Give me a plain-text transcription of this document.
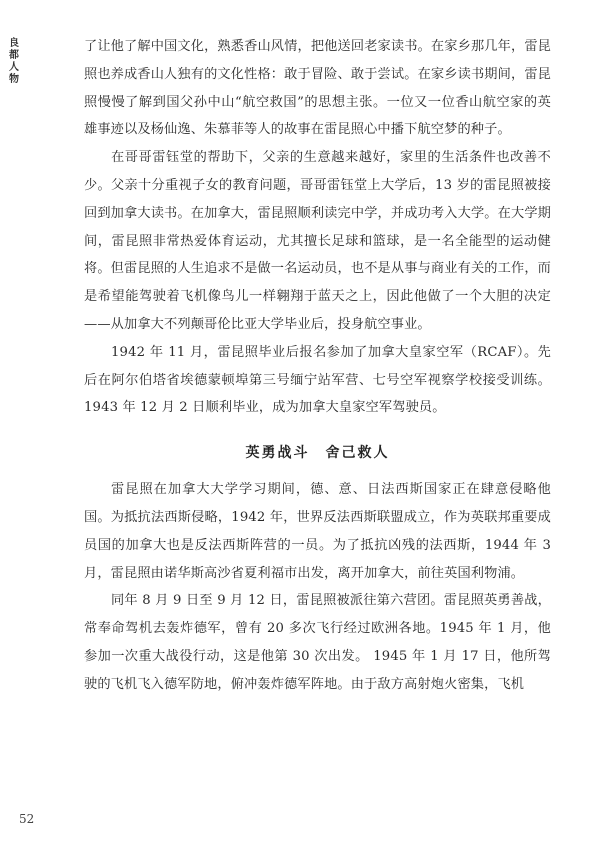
良都人物

了让他了解中国文化，熟悉香山风情，把他送回老家读书。在家乡那几年，雷昆照也养成香山人独有的文化性格：敢于冒险、敢于尝试。在家乡读书期间，雷昆照慢慢了解到国父孙中山“航空救国”的思想主张。一位又一位香山航空家的英雄事迹以及杨仙逸、朱慕菲等人的故事在雷昆照心中播下航空梦的种子。

在哥哥雷钰堂的帮助下，父亲的生意越来越好，家里的生活条件也改善不少。父亲十分重视子女的教育问题，哥哥雷钰堂上大学后，13 岁的雷昆照被接回到加拿大读书。在加拿大，雷昆照顺利读完中学，并成功考入大学。在大学期间，雷昆照非常热爱体育运动，尤其擅长足球和篮球，是一名全能型的运动健将。但雷昆照的人生追求不是做一名运动员，也不是从事与商业有关的工作，而是希望能驾驶着飞机像鸟儿一样翱翔于蓝天之上，因此他做了一个大胆的决定——从加拿大不列颠哥伦比亚大学毕业后，投身航空事业。

1942 年 11 月，雷昆照毕业后报名参加了加拿大皇家空军（RCAF）。先后在阿尔伯塔省埃德蒙顿埠第三号缅宁站军营、七号空军视察学校接受训练。1943 年 12 月 2 日顺利毕业，成为加拿大皇家空军驾驶员。

英勇战斗　舍己救人

雷昆照在加拿大大学学习期间，德、意、日法西斯国家正在肆意侵略他国。为抵抗法西斯侵略，1942 年，世界反法西斯联盟成立，作为英联邦重要成员国的加拿大也是反法西斯阵营的一员。为了抵抗凶残的法西斯，1944 年 3 月，雷昆照由诺华斯高沙省夏利福市出发，离开加拿大，前往英国利物浦。

同年 8 月 9 日至 9 月 12 日，雷昆照被派往第六营团。雷昆照英勇善战，常奉命驾机去轰炸德军，曾有 20 多次飞行经过欧洲各地。1945 年 1 月，他参加一次重大战役行动，这是他第 30 次出发。 1945 年 1 月 17 日，他所驾驶的飞机飞入德军防地，俯冲轰炸德军阵地。由于敌方高射炮火密集，飞机

52
